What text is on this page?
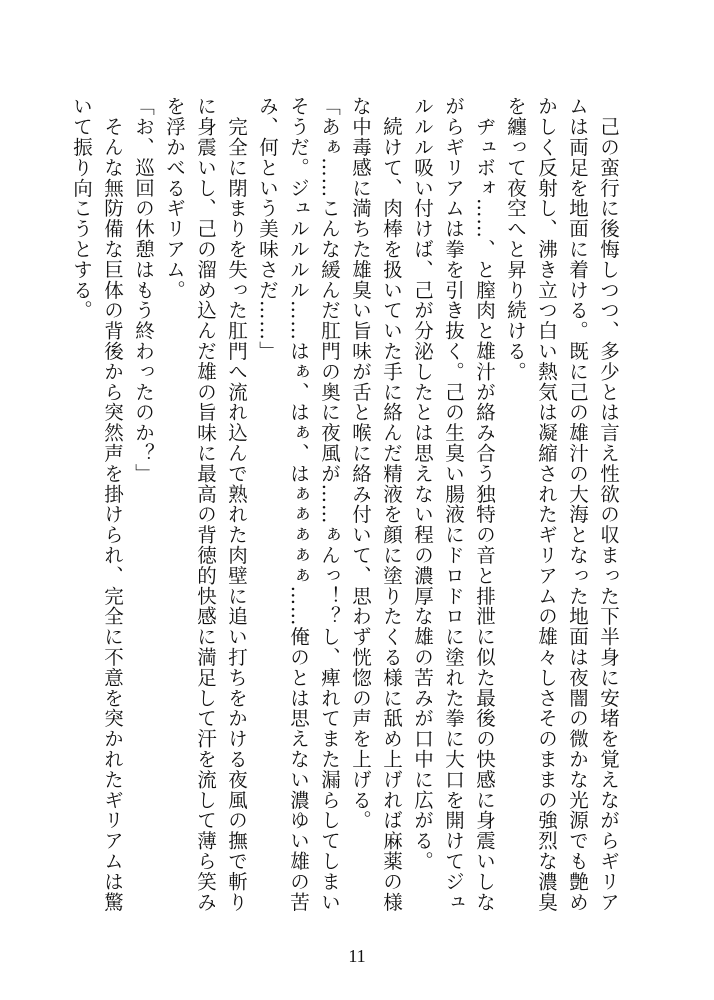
　己の蛮行に後悔しつつ、多少とは言え性欲の収まった下半身に安堵を覚えながらギリアムは両足を地面に着ける。既に己の雄汁の大海となった地面は夜闇の微かな光源でも艶めかしく反射し、沸き立つ白い熱気は凝縮されたギリアムの雄々しさそのままの強烈な濃臭を纏って夜空へと昇り続ける。

　ヂュボォ……、と膣肉と雄汁が絡み合う独特の音と排泄に似た最後の快感に身震いしながらギリアムは拳を引き抜く。己の生臭い腸液にドロドロに塗れた拳に大口を開けてジュルルル吸い付けば、己が分泌したとは思えない程の濃厚な雄の苦みが口中に広がる。

　続けて、肉棒を扱いていた手に絡んだ精液を顔に塗りたくる様に舐め上げれば麻薬の様な中毒感に満ちた雄臭い旨味が舌と喉に絡み付いて、思わず恍惚の声を上げる。

「あぁ……こんな緩んだ肛門の奥に夜風が……ぁんっ！？し、痺れてまた漏らしてしまいそうだ。ジュルルルル……はぁ、はぁ、はぁぁぁぁぁ……俺のとは思えない濃ゆい雄の苦み、何という美味さだ……」

　完全に閉まりを失った肛門へ流れ込んで熟れた肉壁に追い打ちをかける夜風の撫で斬りに身震いし、己の溜め込んだ雄の旨味に最高の背徳的快感に満足して汗を流して薄ら笑みを浮かべるギリアム。

「お、巡回の休憩はもう終わったのか？」

　そんな無防備な巨体の背後から突然声を掛けられ、完全に不意を突かれたギリアムは驚いて振り向こうとする。

11
